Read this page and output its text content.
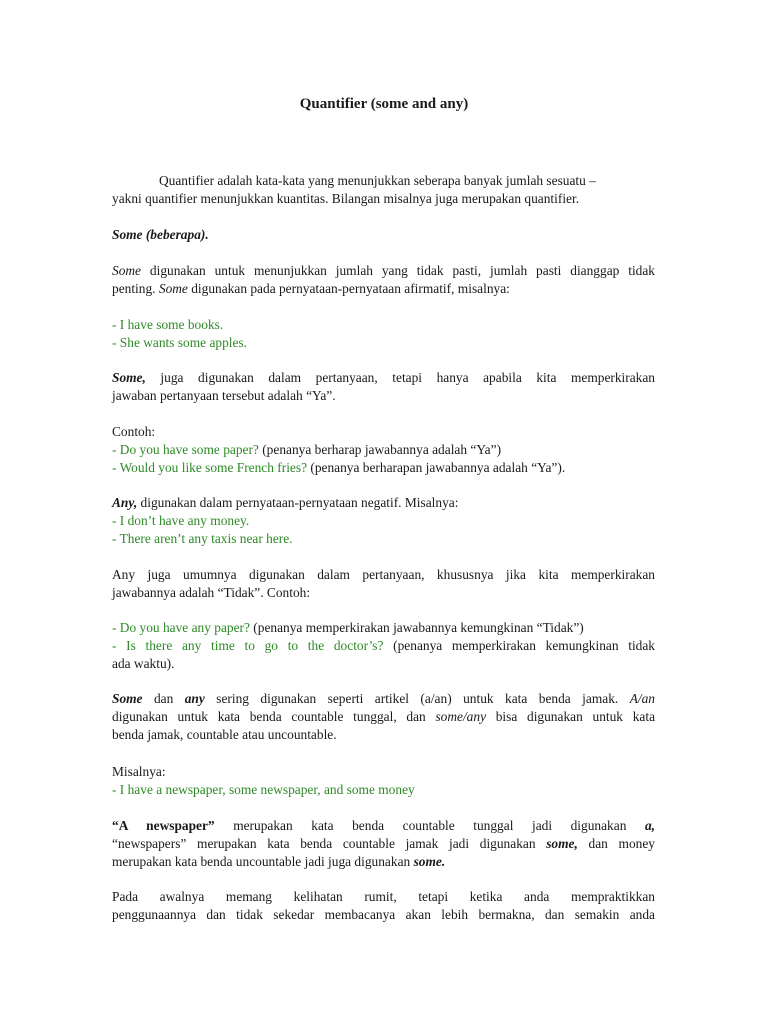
Quantifier (some and any)
Quantifier adalah kata-kata yang menunjukkan seberapa banyak jumlah sesuatu –
yakni quantifier menunjukkan kuantitas. Bilangan misalnya juga merupakan quantifier.
Some (beberapa).
Some digunakan untuk menunjukkan jumlah yang tidak pasti, jumlah pasti dianggap tidak
penting. Some digunakan pada pernyataan-pernyataan afirmatif, misalnya:
- I have some books.
- She wants some apples.
Some, juga digunakan dalam pertanyaan, tetapi hanya apabila kita memperkirakan
jawaban pertanyaan tersebut adalah “Ya”.
Contoh:
- Do you have some paper? (penanya berharap jawabannya adalah “Ya”)
- Would you like some French fries? (penanya berharapan jawabannya adalah “Ya”).
Any, digunakan dalam pernyataan-pernyataan negatif. Misalnya:
- I don’t have any money.
- There aren’t any taxis near here.
Any juga umumnya digunakan dalam pertanyaan, khususnya jika kita memperkirakan
jawabannya adalah “Tidak”. Contoh:
- Do you have any paper? (penanya memperkirakan jawabannya kemungkinan “Tidak”)
- Is there any time to go to the doctor’s? (penanya memperkirakan kemungkinan tidak
ada waktu).
Some dan any sering digunakan seperti artikel (a/an) untuk kata benda jamak. A/an
digunakan untuk kata benda countable tunggal, dan some/any bisa digunakan untuk kata
benda jamak, countable atau uncountable.
Misalnya:
- I have a newspaper, some newspaper, and some money
“A newspaper” merupakan kata benda countable tunggal jadi digunakan a,
“newspapers” merupakan kata benda countable jamak jadi digunakan some, dan money
merupakan kata benda uncountable jadi juga digunakan some.
Pada awalnya memang kelihatan rumit, tetapi ketika anda mempraktikkan
penggunaannya dan tidak sekedar membacanya akan lebih bermakna, dan semakin anda
